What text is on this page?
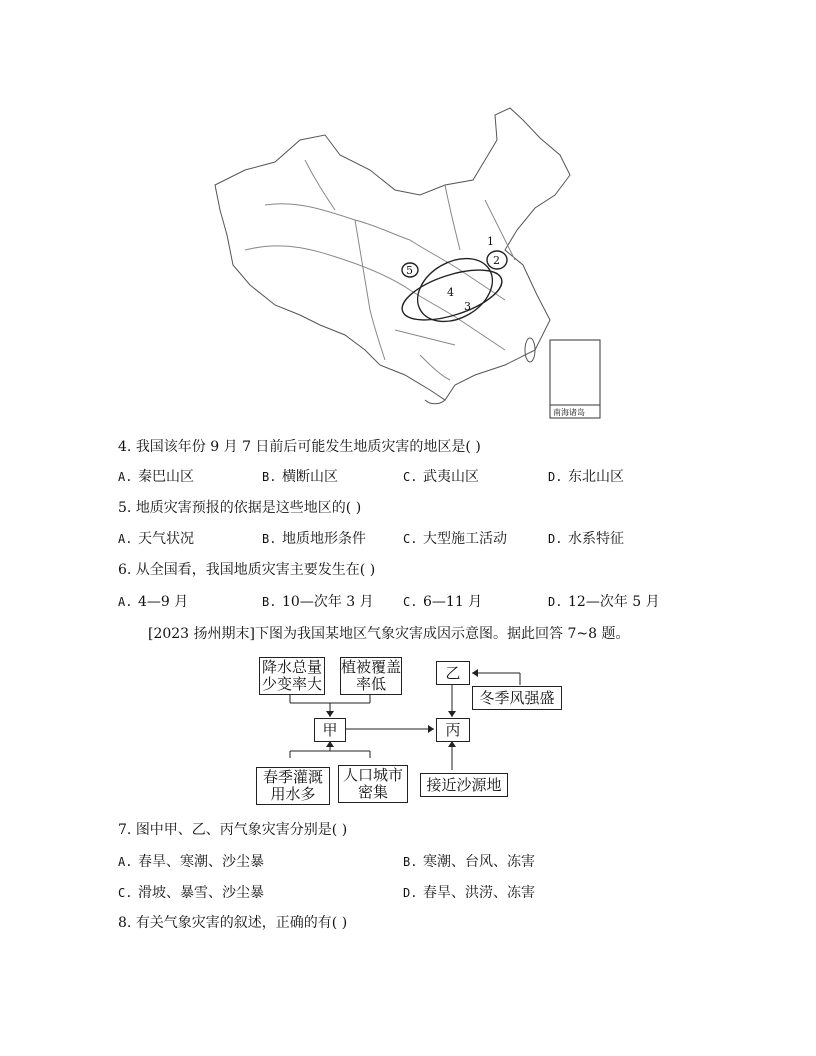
1
2
3
4
5
南海诸岛
4. 我国该年份 9 月 7 日前后可能发生地质灾害的地区是( )
A. 秦巴山区	B. 横断山区	C. 武夷山区	D. 东北山区
5. 地质灾害预报的依据是这些地区的( )
A. 天气状况	B. 地质地形条件	C. 大型施工活动	D. 水系特征
6. 从全国看，我国地质灾害主要发生在( )
A. 4—9 月	B. 10—次年 3 月 C. 6—11 月	D. 12—次年 5 月
[2023 扬州期末]下图为我国某地区气象灾害成因示意图。据此回答 7~8 题。
降水总量少变率大
植被覆盖率低
甲
春季灌溉用水多
人口城市密集
乙
冬季风强盛
丙
接近沙源地
7. 图中甲、乙、丙气象灾害分别是( )
A. 春旱、寒潮、沙尘暴	B. 寒潮、台风、冻害
C. 滑坡、暴雪、沙尘暴	D. 春旱、洪涝、冻害
8. 有关气象灾害的叙述，正确的有( )
